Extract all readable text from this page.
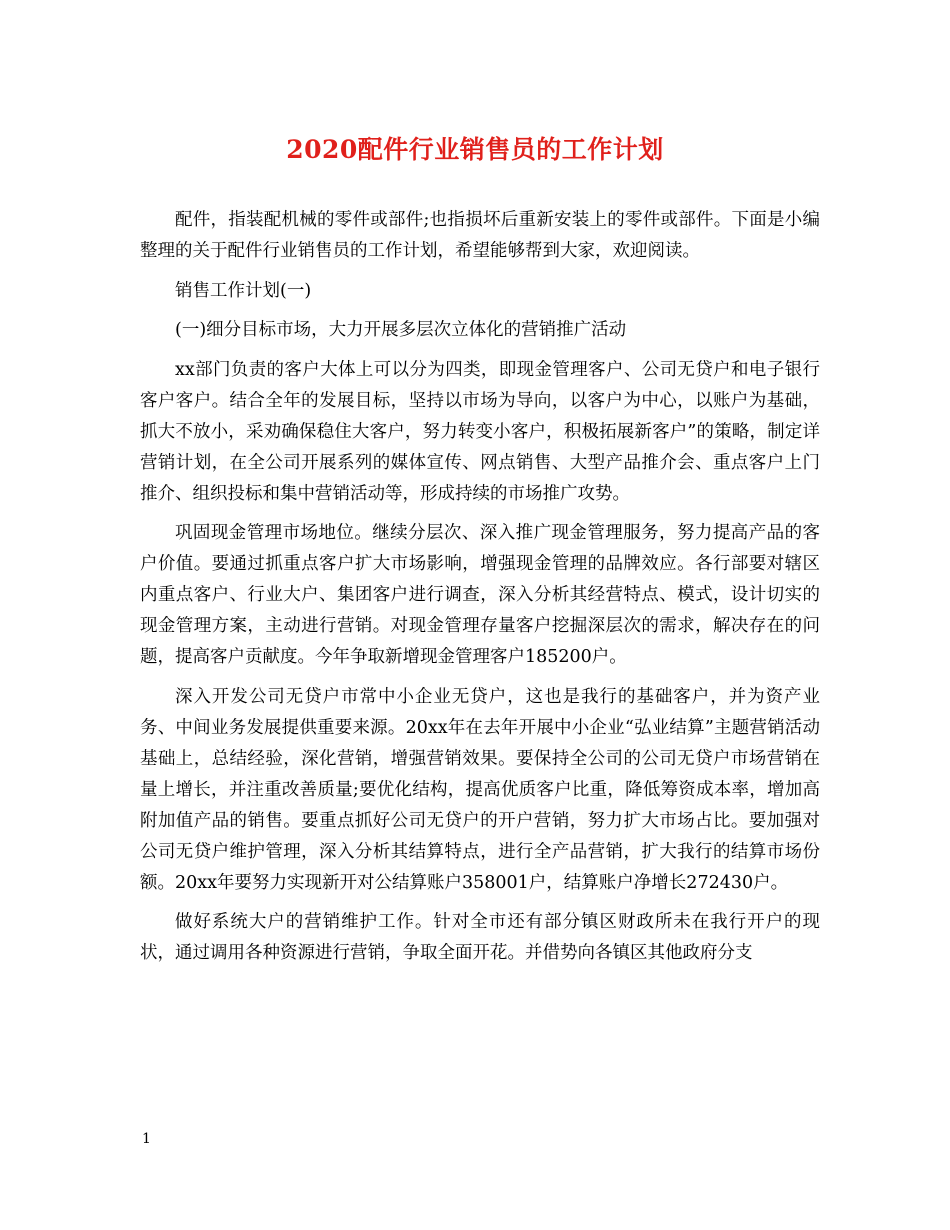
2020配件行业销售员的工作计划

配件，指装配机械的零件或部件;也指损坏后重新安装上的零件或部件。下面是小编整理的关于配件行业销售员的工作计划，希望能够帮到大家，欢迎阅读。

销售工作计划(一)

(一)细分目标市场，大力开展多层次立体化的营销推广活动

xx部门负责的客户大体上可以分为四类，即现金管理客户、公司无贷户和电子银行客户客户。结合全年的发展目标，坚持以市场为导向，以客户为中心，以账户为基础，抓大不放小，采劝确保稳住大客户，努力转变小客户，积极拓展新客户”的策略，制定详营销计划，在全公司开展系列的媒体宣传、网点销售、大型产品推介会、重点客户上门推介、组织投标和集中营销活动等，形成持续的市场推广攻势。

巩固现金管理市场地位。继续分层次、深入推广现金管理服务，努力提高产品的客户价值。要通过抓重点客户扩大市场影响，增强现金管理的品牌效应。各行部要对辖区内重点客户、行业大户、集团客户进行调查，深入分析其经营特点、模式，设计切实的现金管理方案，主动进行营销。对现金管理存量客户挖掘深层次的需求，解决存在的问题，提高客户贡献度。今年争取新增现金管理客户185200户。

深入开发公司无贷户市常中小企业无贷户，这也是我行的基础客户，并为资产业务、中间业务发展提供重要来源。20xx年在去年开展中小企业“弘业结算”主题营销活动基础上，总结经验，深化营销，增强营销效果。要保持全公司的公司无贷户市场营销在量上增长，并注重改善质量;要优化结构，提高优质客户比重，降低筹资成本率，增加高附加值产品的销售。要重点抓好公司无贷户的开户营销，努力扩大市场占比。要加强对公司无贷户维护管理，深入分析其结算特点，进行全产品营销，扩大我行的结算市场份额。20xx年要努力实现新开对公结算账户358001户，结算账户净增长272430户。

做好系统大户的营销维护工作。针对全市还有部分镇区财政所未在我行开户的现状，通过调用各种资源进行营销，争取全面开花。并借势向各镇区其他政府分支

1
